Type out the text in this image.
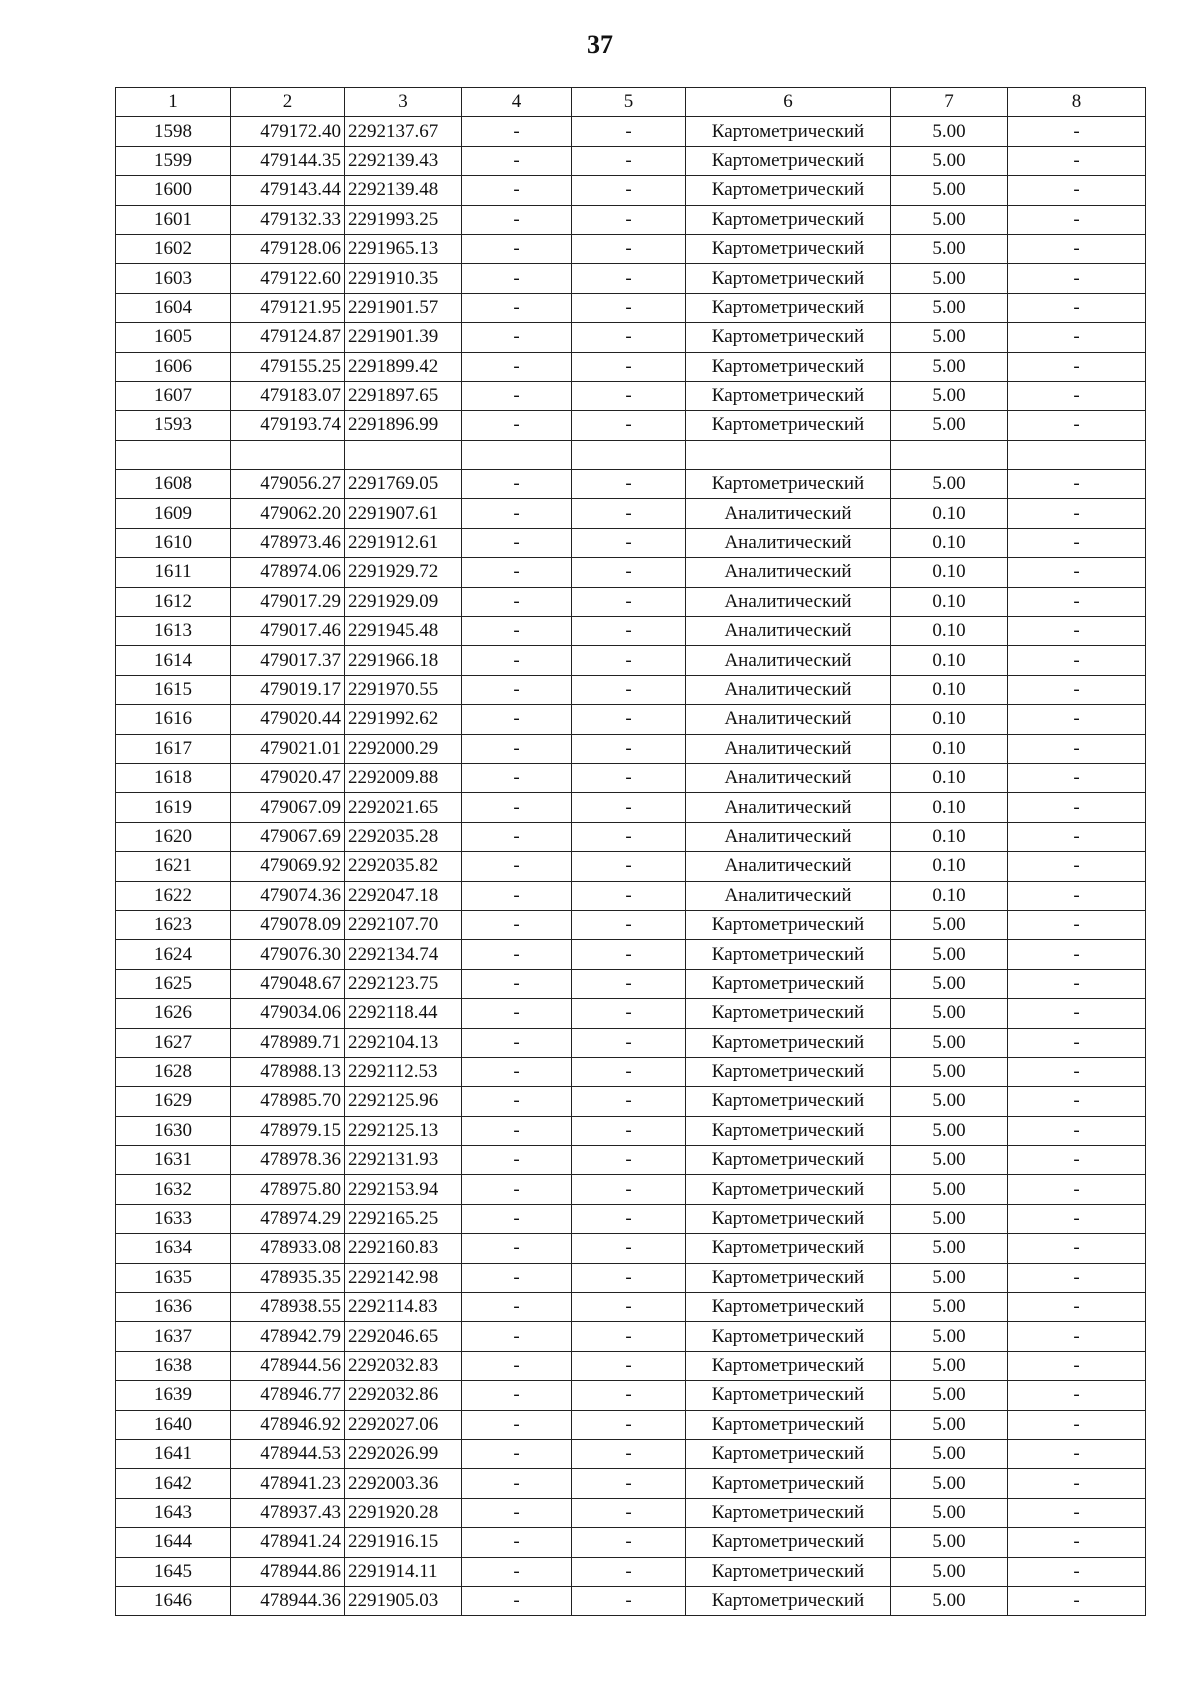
37
1	2	3	4	5	6	7	8
1598	479172.40	2292137.67	-	-	Картометрический	5.00	-
1599	479144.35	2292139.43	-	-	Картометрический	5.00	-
1600	479143.44	2292139.48	-	-	Картометрический	5.00	-
1601	479132.33	2291993.25	-	-	Картометрический	5.00	-
1602	479128.06	2291965.13	-	-	Картометрический	5.00	-
1603	479122.60	2291910.35	-	-	Картометрический	5.00	-
1604	479121.95	2291901.57	-	-	Картометрический	5.00	-
1605	479124.87	2291901.39	-	-	Картометрический	5.00	-
1606	479155.25	2291899.42	-	-	Картометрический	5.00	-
1607	479183.07	2291897.65	-	-	Картометрический	5.00	-
1593	479193.74	2291896.99	-	-	Картометрический	5.00	-

1608	479056.27	2291769.05	-	-	Картометрический	5.00	-
1609	479062.20	2291907.61	-	-	Аналитический	0.10	-
1610	478973.46	2291912.61	-	-	Аналитический	0.10	-
1611	478974.06	2291929.72	-	-	Аналитический	0.10	-
1612	479017.29	2291929.09	-	-	Аналитический	0.10	-
1613	479017.46	2291945.48	-	-	Аналитический	0.10	-
1614	479017.37	2291966.18	-	-	Аналитический	0.10	-
1615	479019.17	2291970.55	-	-	Аналитический	0.10	-
1616	479020.44	2291992.62	-	-	Аналитический	0.10	-
1617	479021.01	2292000.29	-	-	Аналитический	0.10	-
1618	479020.47	2292009.88	-	-	Аналитический	0.10	-
1619	479067.09	2292021.65	-	-	Аналитический	0.10	-
1620	479067.69	2292035.28	-	-	Аналитический	0.10	-
1621	479069.92	2292035.82	-	-	Аналитический	0.10	-
1622	479074.36	2292047.18	-	-	Аналитический	0.10	-
1623	479078.09	2292107.70	-	-	Картометрический	5.00	-
1624	479076.30	2292134.74	-	-	Картометрический	5.00	-
1625	479048.67	2292123.75	-	-	Картометрический	5.00	-
1626	479034.06	2292118.44	-	-	Картометрический	5.00	-
1627	478989.71	2292104.13	-	-	Картометрический	5.00	-
1628	478988.13	2292112.53	-	-	Картометрический	5.00	-
1629	478985.70	2292125.96	-	-	Картометрический	5.00	-
1630	478979.15	2292125.13	-	-	Картометрический	5.00	-
1631	478978.36	2292131.93	-	-	Картометрический	5.00	-
1632	478975.80	2292153.94	-	-	Картометрический	5.00	-
1633	478974.29	2292165.25	-	-	Картометрический	5.00	-
1634	478933.08	2292160.83	-	-	Картометрический	5.00	-
1635	478935.35	2292142.98	-	-	Картометрический	5.00	-
1636	478938.55	2292114.83	-	-	Картометрический	5.00	-
1637	478942.79	2292046.65	-	-	Картометрический	5.00	-
1638	478944.56	2292032.83	-	-	Картометрический	5.00	-
1639	478946.77	2292032.86	-	-	Картометрический	5.00	-
1640	478946.92	2292027.06	-	-	Картометрический	5.00	-
1641	478944.53	2292026.99	-	-	Картометрический	5.00	-
1642	478941.23	2292003.36	-	-	Картометрический	5.00	-
1643	478937.43	2291920.28	-	-	Картометрический	5.00	-
1644	478941.24	2291916.15	-	-	Картометрический	5.00	-
1645	478944.86	2291914.11	-	-	Картометрический	5.00	-
1646	478944.36	2291905.03	-	-	Картометрический	5.00	-
